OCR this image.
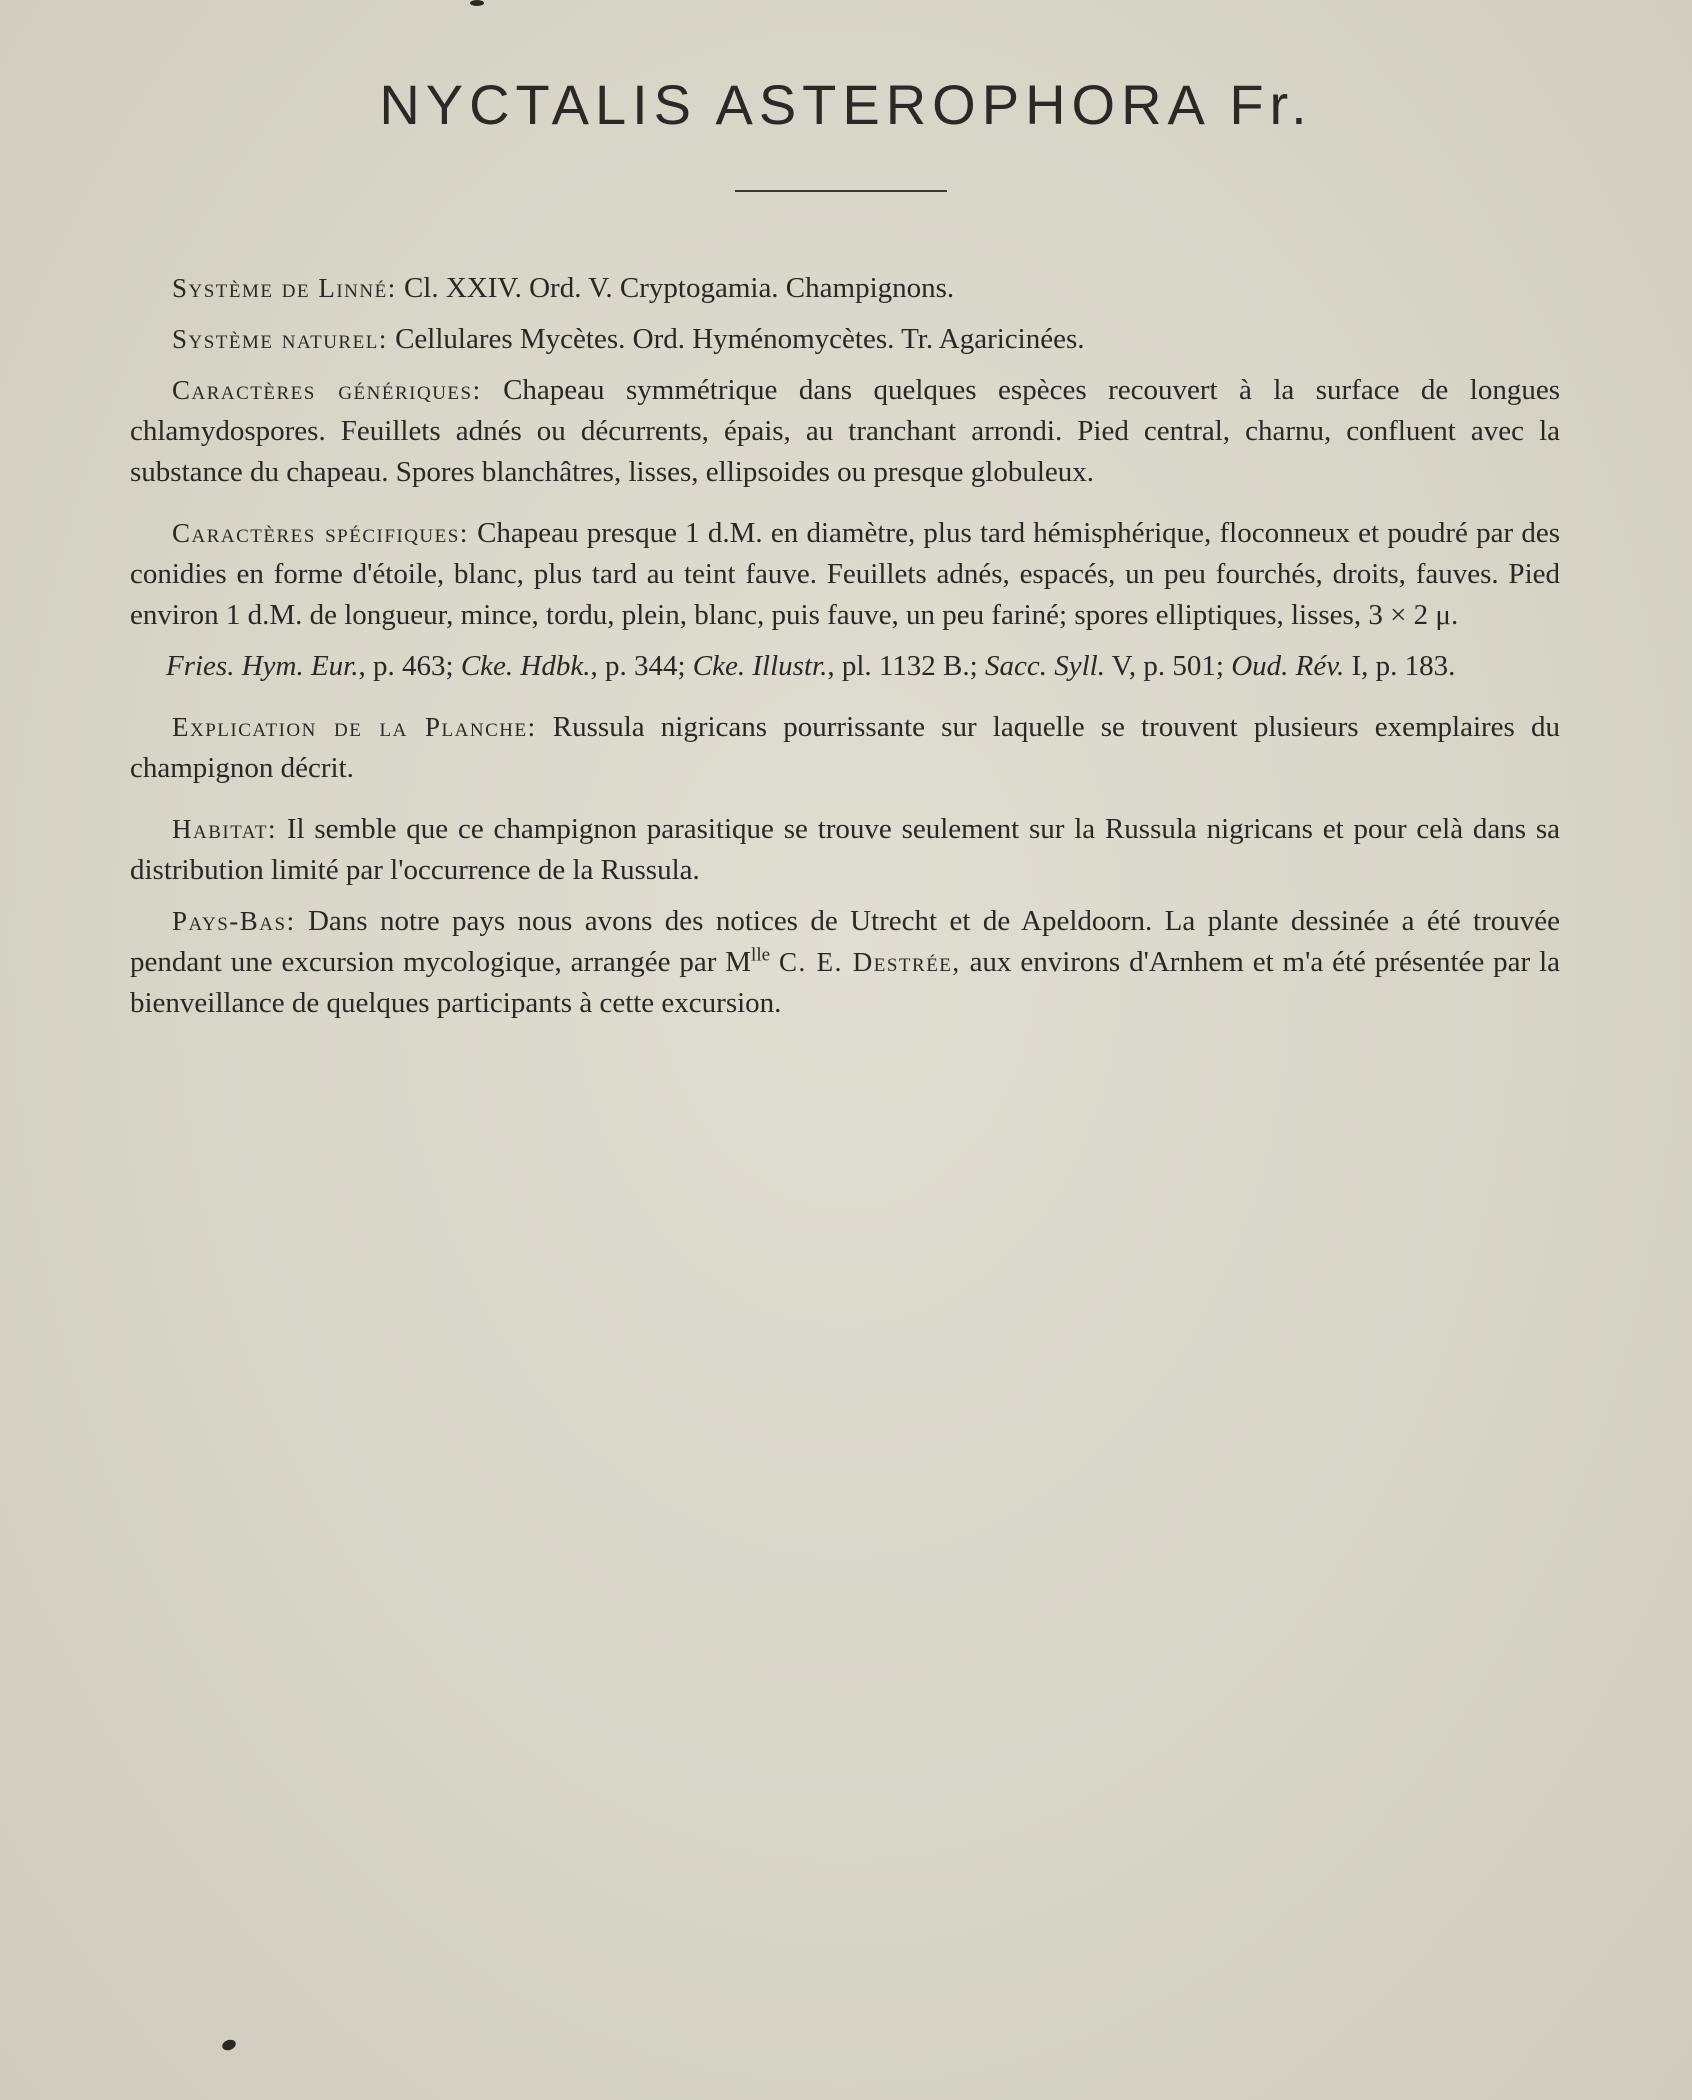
NYCTALIS ASTEROPHORA Fr.

Système de Linné: Cl. XXIV. Ord. V. Cryptogamia. Champignons.

Système naturel: Cellulares Mycètes. Ord. Hyménomycètes. Tr. Agaricinées.

Caractères génériques: Chapeau symmétrique dans quelques espèces recouvert à la surface de longues chlamydospores. Feuillets adnés ou décurrents, épais, au tranchant arrondi. Pied central, charnu, confluent avec la substance du chapeau. Spores blanchâtres, lisses, ellipsoides ou presque globuleux.

Caractères spécifiques: Chapeau presque 1 d.M. en diamètre, plus tard hémisphérique, floconneux et poudré par des conidies en forme d'étoile, blanc, plus tard au teint fauve. Feuillets adnés, espacés, un peu fourchés, droits, fauves. Pied environ 1 d.M. de longueur, mince, tordu, plein, blanc, puis fauve, un peu fariné; spores elliptiques, lisses, 3 × 2 μ.

Fries. Hym. Eur., p. 463; Cke. Hdbk., p. 344; Cke. Illustr., pl. 1132 B.; Sacc. Syll. V, p. 501; Oud. Rév. I, p. 183.

Explication de la Planche: Russula nigricans pourrissante sur laquelle se trouvent plusieurs exemplaires du champignon décrit.

Habitat: Il semble que ce champignon parasitique se trouve seulement sur la Russula nigricans et pour celà dans sa distribution limité par l'occurrence de la Russula.

Pays-Bas: Dans notre pays nous avons des notices de Utrecht et de Apeldoorn. La plante dessinée a été trouvée pendant une excursion mycologique, arrangée par $M^{lle}$ C. E. Destrée, aux environs d'Arnhem et m'a été présentée par la bienveillance de quelques participants à cette excursion.
